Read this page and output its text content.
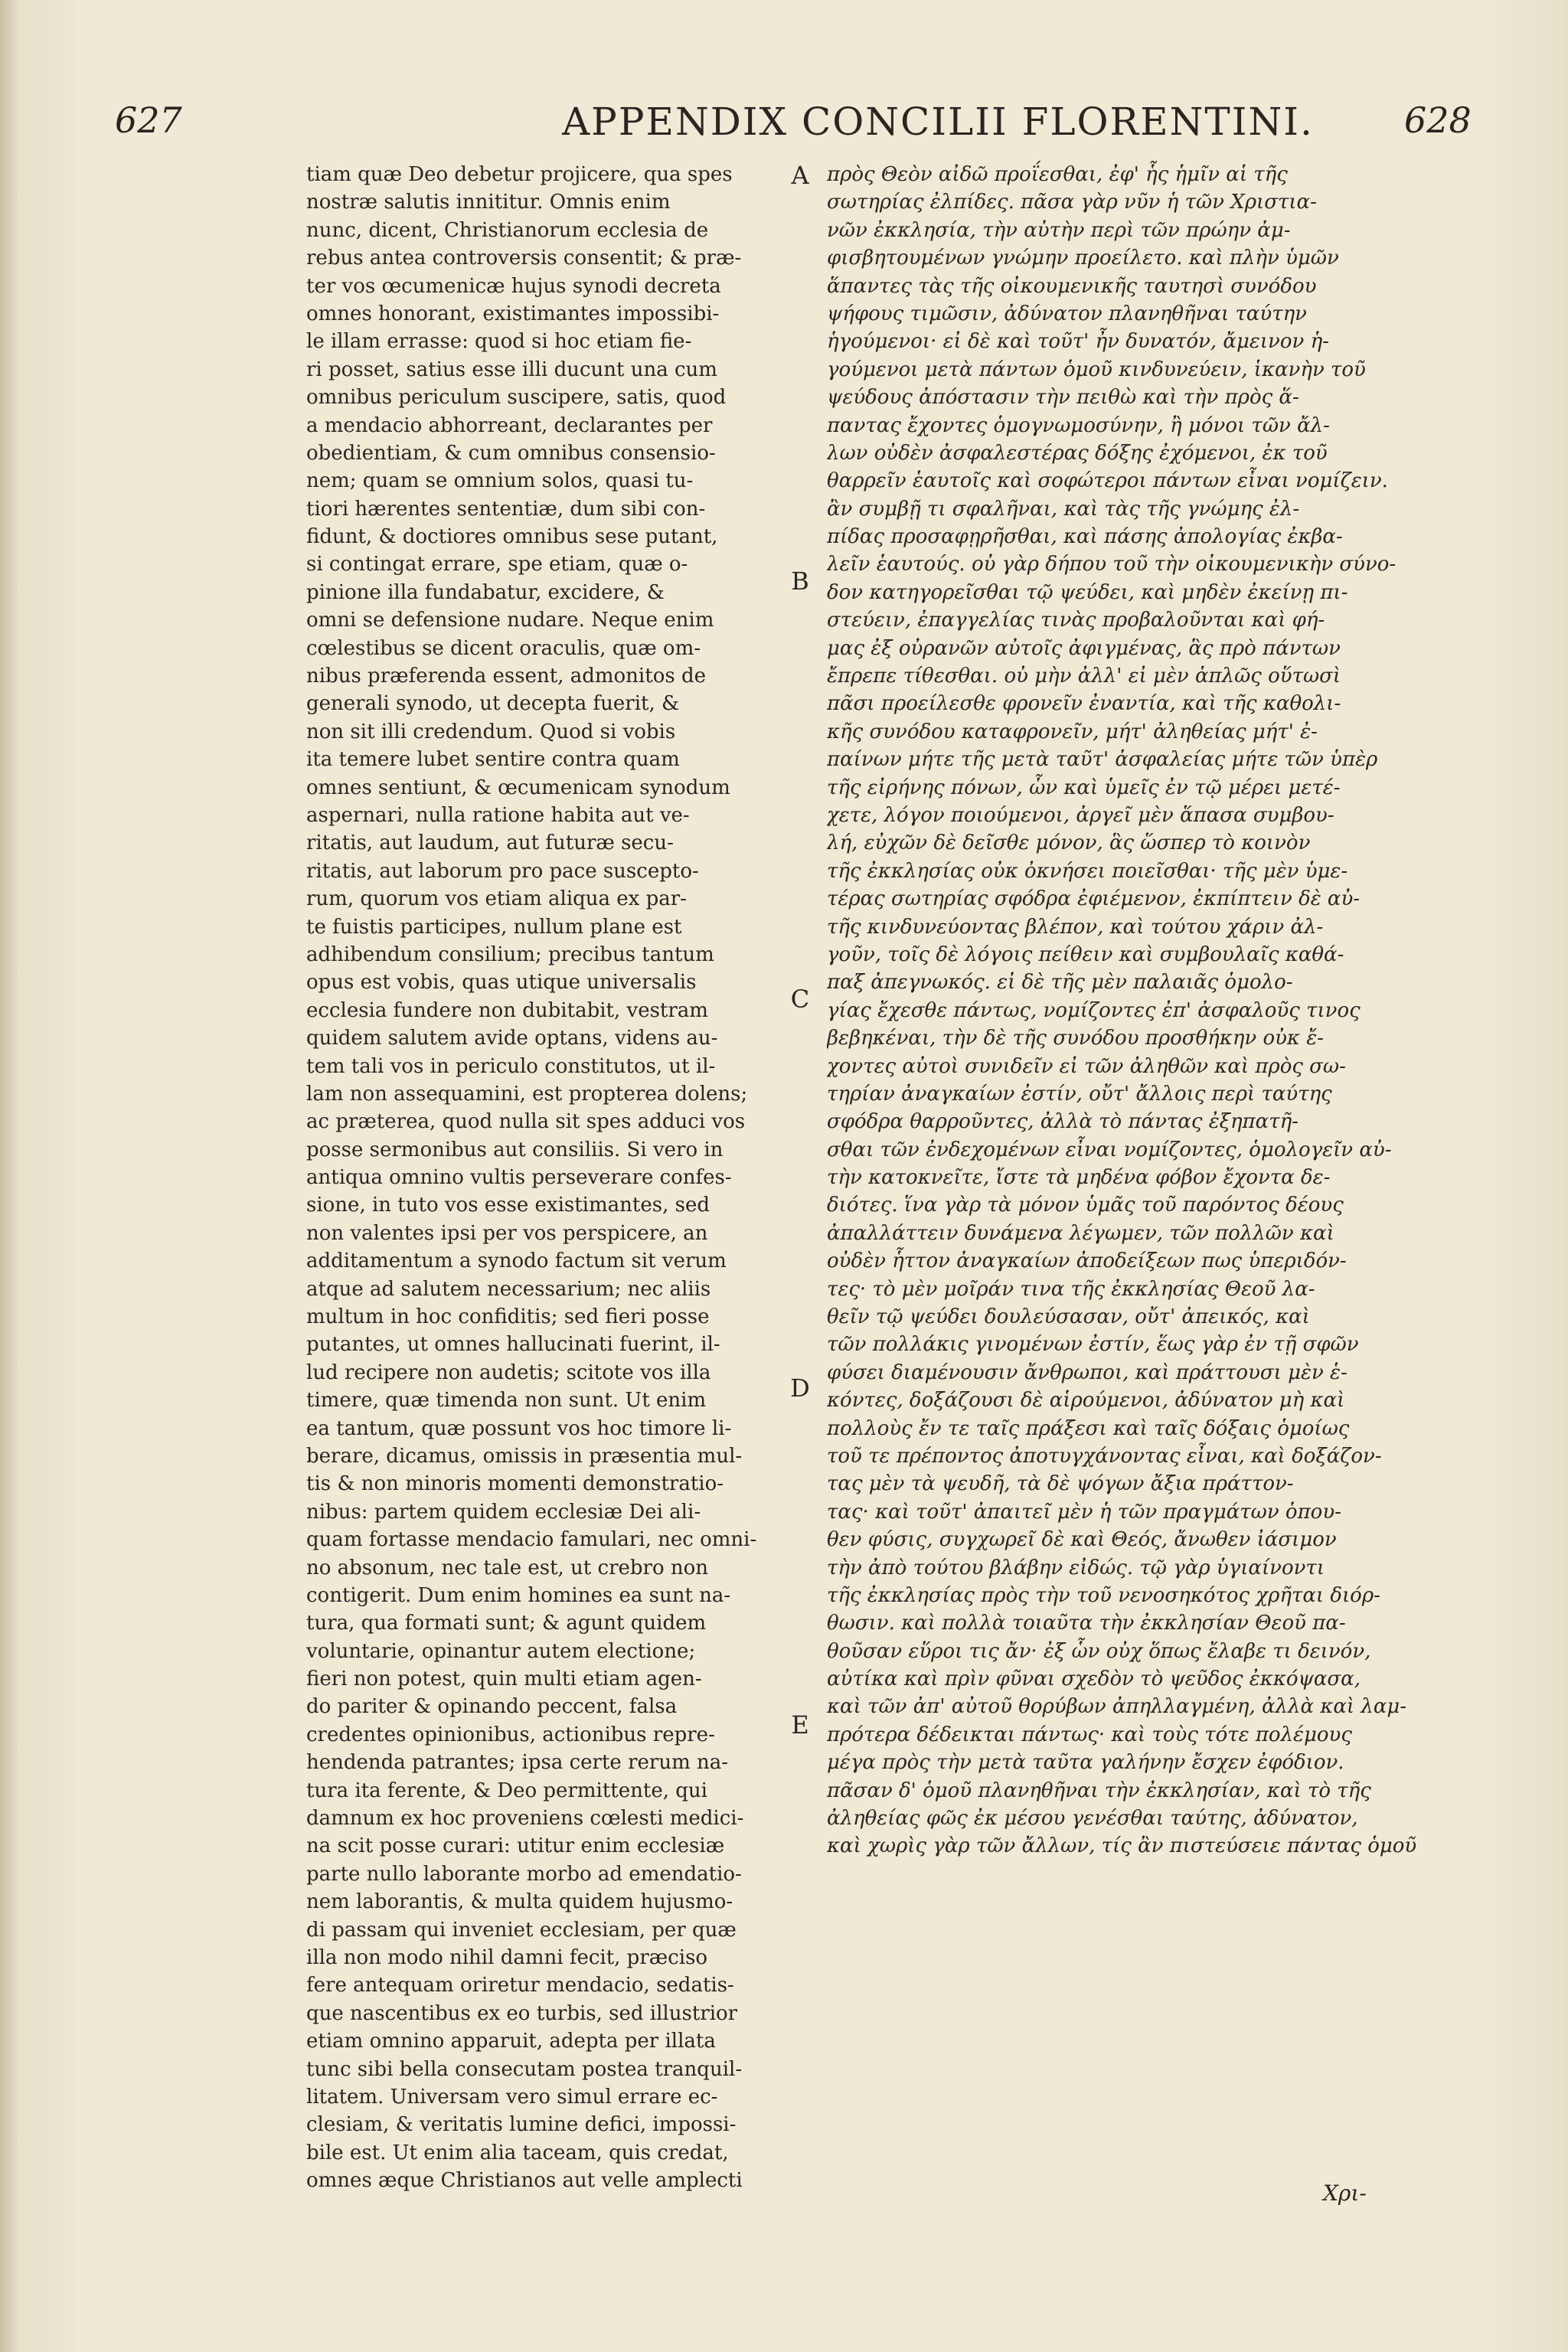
627	APPENDIX CONCILII FLORENTINI.	628
tiam quæ Deo debetur projicere, qua spes
nostræ salutis innititur. Omnis enim
nunc, dicent, Christianorum ecclesia de
rebus antea controversis consentit; & præ-
ter vos œcumenicæ hujus synodi decreta
omnes honorant, existimantes impossibi-
le illam errasse: quod si hoc etiam fie-
ri posset, satius esse illi ducunt una cum
omnibus periculum suscipere, satis, quod
a mendacio abhorreant, declarantes per
obedientiam, & cum omnibus consensio-
nem; quam se omnium solos, quasi tu-
tiori hærentes sententiæ, dum sibi con-
fidunt, & doctiores omnibus sese putant,
si contingat errare, spe etiam, quæ o-
pinione illa fundabatur, excidere, &
omni se defensione nudare. Neque enim
cœlestibus se dicent oraculis, quæ om-
nibus præferenda essent, admonitos de
generali synodo, ut decepta fuerit, &
non sit illi credendum. Quod si vobis
ita temere lubet sentire contra quam
omnes sentiunt, & œcumenicam synodum
aspernari, nulla ratione habita aut ve-
ritatis, aut laudum, aut futuræ secu-
ritatis, aut laborum pro pace suscepto-
rum, quorum vos etiam aliqua ex par-
te fuistis participes, nullum plane est
adhibendum consilium; precibus tantum
opus est vobis, quas utique universalis
ecclesia fundere non dubitabit, vestram
quidem salutem avide optans, videns au-
tem tali vos in periculo constitutos, ut il-
lam non assequamini, est propterea dolens;
ac præterea, quod nulla sit spes adduci vos
posse sermonibus aut consiliis. Si vero in
antiqua omnino vultis perseverare confes-
sione, in tuto vos esse existimantes, sed
non valentes ipsi per vos perspicere, an
additamentum a synodo factum sit verum
atque ad salutem necessarium; nec aliis
multum in hoc confiditis; sed fieri posse
putantes, ut omnes hallucinati fuerint, il-
lud recipere non audetis; scitote vos illa
timere, quæ timenda non sunt. Ut enim
ea tantum, quæ possunt vos hoc timore li-
berare, dicamus, omissis in præsentia mul-
tis & non minoris momenti demonstratio-
nibus: partem quidem ecclesiæ Dei ali-
quam fortasse mendacio famulari, nec omni-
no absonum, nec tale est, ut crebro non
contigerit. Dum enim homines ea sunt na-
tura, qua formati sunt; & agunt quidem
voluntarie, opinantur autem electione;
fieri non potest, quin multi etiam agen-
do pariter & opinando peccent, falsa
credentes opinionibus, actionibus repre-
hendenda patrantes; ipsa certe rerum na-
tura ita ferente, & Deo permittente, qui
damnum ex hoc proveniens cœlesti medici-
na scit posse curari: utitur enim ecclesiæ
parte nullo laborante morbo ad emendatio-
nem laborantis, & multa quidem hujusmo-
di passam qui inveniet ecclesiam, per quæ
illa non modo nihil damni fecit, præciso
fere antequam oriretur mendacio, sedatis-
que nascentibus ex eo turbis, sed illustrior
etiam omnino apparuit, adepta per illata
tunc sibi bella consecutam postea tranquil-
litatem. Universam vero simul errare ec-
clesiam, & veritatis lumine defici, impossi-
bile est. Ut enim alia taceam, quis credat,
omnes æque Christianos aut velle amplecti
A
B
C
D
E
πρὸς Θεὸν αἰδῶ προΐεσθαι, ἐφ' ἧς ἡμῖν αἱ τῆς
σωτηρίας ἐλπίδες. πᾶσα γὰρ νῦν ἡ τῶν Χριστια-
νῶν ἐκκλησία, τὴν αὐτὴν περὶ τῶν πρώην ἀμ-
φισβητουμένων γνώμην προείλετο. καὶ πλὴν ὑμῶν
ἅπαντες τὰς τῆς οἰκουμενικῆς ταυτησὶ συνόδου
ψήφους τιμῶσιν, ἀδύνατον πλανηθῆναι ταύτην
ἡγούμενοι· εἰ δὲ καὶ τοῦτ' ἦν δυνατόν, ἄμεινον ἡ-
γούμενοι μετὰ πάντων ὁμοῦ κινδυνεύειν, ἱκανὴν τοῦ
ψεύδους ἀπόστασιν τὴν πειθὼ καὶ τὴν πρὸς ἅ-
παντας ἔχοντες ὁμογνωμοσύνην, ἢ μόνοι τῶν ἄλ-
λων οὐδὲν ἀσφαλεστέρας δόξης ἐχόμενοι, ἐκ τοῦ
θαρρεῖν ἑαυτοῖς καὶ σοφώτεροι πάντων εἶναι νομίζειν.
ἂν συμβῇ τι σφαλῆναι, καὶ τὰς τῆς γνώμης ἐλ-
πίδας προσαφῃρῆσθαι, καὶ πάσης ἀπολογίας ἐκβα-
λεῖν ἑαυτούς. οὐ γὰρ δήπου τοῦ τὴν οἰκουμενικὴν σύνο-
δον κατηγορεῖσθαι τῷ ψεύδει, καὶ μηδὲν ἐκείνῃ πι-
στεύειν, ἐπαγγελίας τινὰς προβαλοῦνται καὶ φή-
μας ἐξ οὐρανῶν αὐτοῖς ἀφιγμένας, ἃς πρὸ πάντων
ἔπρεπε τίθεσθαι. οὐ μὴν ἀλλ' εἰ μὲν ἁπλῶς οὕτωσὶ
πᾶσι προείλεσθε φρονεῖν ἐναντία, καὶ τῆς καθολι-
κῆς συνόδου καταφρονεῖν, μήτ' ἀληθείας μήτ' ἐ-
παίνων μήτε τῆς μετὰ ταῦτ' ἀσφαλείας μήτε τῶν ὑπὲρ
τῆς εἰρήνης πόνων, ὧν καὶ ὑμεῖς ἐν τῷ μέρει μετέ-
χετε, λόγον ποιούμενοι, ἀργεῖ μὲν ἅπασα συμβου-
λή, εὐχῶν δὲ δεῖσθε μόνον, ἃς ὥσπερ τὸ κοινὸν
τῆς ἐκκλησίας οὐκ ὀκνήσει ποιεῖσθαι· τῆς μὲν ὑμε-
τέρας σωτηρίας σφόδρα ἐφιέμενον, ἐκπίπτειν δὲ αὐ-
τῆς κινδυνεύοντας βλέπον, καὶ τούτου χάριν ἀλ-
γοῦν, τοῖς δὲ λόγοις πείθειν καὶ συμβουλαῖς καθά-
παξ ἀπεγνωκός. εἰ δὲ τῆς μὲν παλαιᾶς ὁμολο-
γίας ἔχεσθε πάντως, νομίζοντες ἐπ' ἀσφαλοῦς τινος
βεβηκέναι, τὴν δὲ τῆς συνόδου προσθήκην οὐκ ἔ-
χοντες αὐτοὶ συνιδεῖν εἰ τῶν ἀληθῶν καὶ πρὸς σω-
τηρίαν ἀναγκαίων ἐστίν, οὔτ' ἄλλοις περὶ ταύτης
σφόδρα θαρροῦντες, ἀλλὰ τὸ πάντας ἐξηπατῆ-
σθαι τῶν ἐνδεχομένων εἶναι νομίζοντες, ὁμολογεῖν αὐ-
τὴν κατοκνεῖτε, ἴστε τὰ μηδένα φόβον ἔχοντα δε-
διότες. ἵνα γὰρ τὰ μόνον ὑμᾶς τοῦ παρόντος δέους
ἀπαλλάττειν δυνάμενα λέγωμεν, τῶν πολλῶν καὶ
οὐδὲν ἧττον ἀναγκαίων ἀποδείξεων πως ὑπεριδόν-
τες· τὸ μὲν μοῖράν τινα τῆς ἐκκλησίας Θεοῦ λα-
θεῖν τῷ ψεύδει δουλεύσασαν, οὔτ' ἀπεικός, καὶ
τῶν πολλάκις γινομένων ἐστίν, ἕως γὰρ ἐν τῇ σφῶν
φύσει διαμένουσιν ἄνθρωποι, καὶ πράττουσι μὲν ἑ-
κόντες, δοξάζουσι δὲ αἱρούμενοι, ἀδύνατον μὴ καὶ
πολλοὺς ἔν τε ταῖς πράξεσι καὶ ταῖς δόξαις ὁμοίως
τοῦ τε πρέποντος ἀποτυγχάνοντας εἶναι, καὶ δοξάζον-
τας μὲν τὰ ψευδῆ, τὰ δὲ ψόγων ἄξια πράττον-
τας· καὶ τοῦτ' ἀπαιτεῖ μὲν ἡ τῶν πραγμάτων ὁπου-
θεν φύσις, συγχωρεῖ δὲ καὶ Θεός, ἄνωθεν ἰάσιμον
τὴν ἀπὸ τούτου βλάβην εἰδώς. τῷ γὰρ ὑγιαίνοντι
τῆς ἐκκλησίας πρὸς τὴν τοῦ νενοσηκότος χρῆται διόρ-
θωσιν. καὶ πολλὰ τοιαῦτα τὴν ἐκκλησίαν Θεοῦ πα-
θοῦσαν εὕροι τις ἄν· ἐξ ὧν οὐχ ὅπως ἔλαβε τι δεινόν,
αὐτίκα καὶ πρὶν φῦναι σχεδὸν τὸ ψεῦδος ἐκκόψασα,
καὶ τῶν ἀπ' αὐτοῦ θορύβων ἀπηλλαγμένη, ἀλλὰ καὶ λαμ-
πρότερα δέδεικται πάντως· καὶ τοὺς τότε πολέμους
μέγα πρὸς τὴν μετὰ ταῦτα γαλήνην ἔσχεν ἐφόδιον.
πᾶσαν δ' ὁμοῦ πλανηθῆναι τὴν ἐκκλησίαν, καὶ τὸ τῆς
ἀληθείας φῶς ἐκ μέσου γενέσθαι ταύτης, ἀδύνατον,
καὶ χωρὶς γὰρ τῶν ἄλλων, τίς ἂν πιστεύσειε πάντας ὁμοῦ
Χρι-
